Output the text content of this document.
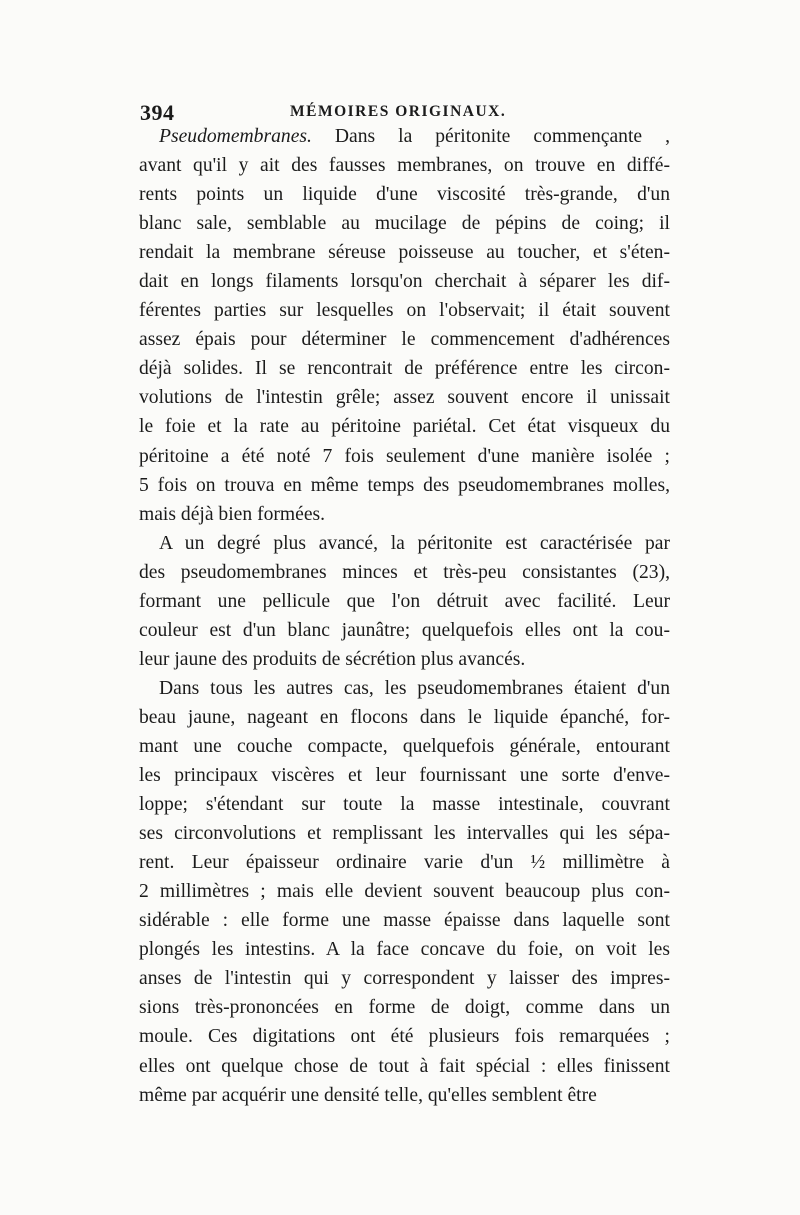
394	MÉMOIRES ORIGINAUX.
Pseudomembranes. Dans la péritonite commençante ,
avant qu'il y ait des fausses membranes, on trouve en diffé-
rents points un liquide d'une viscosité très-grande, d'un
blanc sale, semblable au mucilage de pépins de coing; il
rendait la membrane séreuse poisseuse au toucher, et s'éten-
dait en longs filaments lorsqu'on cherchait à séparer les dif-
férentes parties sur lesquelles on l'observait; il était souvent
assez épais pour déterminer le commencement d'adhérences
déjà solides. Il se rencontrait de préférence entre les circon-
volutions de l'intestin grêle; assez souvent encore il unissait
le foie et la rate au péritoine pariétal. Cet état visqueux du
péritoine a été noté 7 fois seulement d'une manière isolée ;
5 fois on trouva en même temps des pseudomembranes molles,
mais déjà bien formées.
A un degré plus avancé, la péritonite est caractérisée par
des pseudomembranes minces et très-peu consistantes (23),
formant une pellicule que l'on détruit avec facilité. Leur
couleur est d'un blanc jaunâtre; quelquefois elles ont la cou-
leur jaune des produits de sécrétion plus avancés.
Dans tous les autres cas, les pseudomembranes étaient d'un
beau jaune, nageant en flocons dans le liquide épanché, for-
mant une couche compacte, quelquefois générale, entourant
les principaux viscères et leur fournissant une sorte d'enve-
loppe; s'étendant sur toute la masse intestinale, couvrant
ses circonvolutions et remplissant les intervalles qui les sépa-
rent. Leur épaisseur ordinaire varie d'un ½ millimètre à
2 millimètres ; mais elle devient souvent beaucoup plus con-
sidérable : elle forme une masse épaisse dans laquelle sont
plongés les intestins. A la face concave du foie, on voit les
anses de l'intestin qui y correspondent y laisser des impres-
sions très-prononcées en forme de doigt, comme dans un
moule. Ces digitations ont été plusieurs fois remarquées ;
elles ont quelque chose de tout à fait spécial : elles finissent
même par acquérir une densité telle, qu'elles semblent être
